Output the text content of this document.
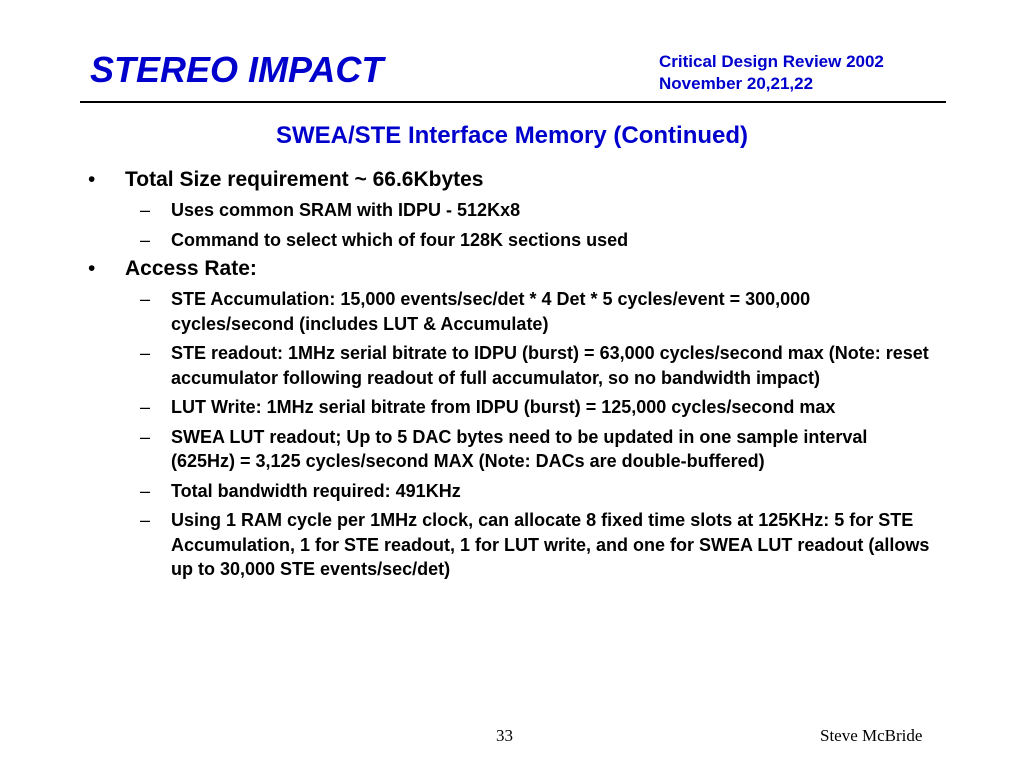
STEREO IMPACT	Critical Design Review 2002
November 20,21,22
SWEA/STE Interface Memory (Continued)
• Total Size requirement ~ 66.6Kbytes
– Uses common SRAM with IDPU - 512Kx8
– Command to select which of four 128K sections used
• Access Rate:
– STE Accumulation: 15,000 events/sec/det * 4 Det * 5 cycles/event = 300,000 cycles/second (includes LUT & Accumulate)
– STE readout: 1MHz serial bitrate to IDPU (burst) = 63,000 cycles/second max (Note: reset accumulator following readout of full accumulator, so no bandwidth impact)
– LUT Write: 1MHz serial bitrate from IDPU (burst) = 125,000 cycles/second max
– SWEA LUT readout; Up to 5 DAC bytes need to be updated in one sample interval (625Hz) = 3,125 cycles/second MAX (Note: DACs are double-buffered)
– Total bandwidth required: 491KHz
– Using 1 RAM cycle per 1MHz clock, can allocate 8 fixed time slots at 125KHz: 5 for STE Accumulation, 1 for STE readout, 1 for LUT write, and one for SWEA LUT readout (allows up to 30,000 STE events/sec/det)
33	Steve McBride
